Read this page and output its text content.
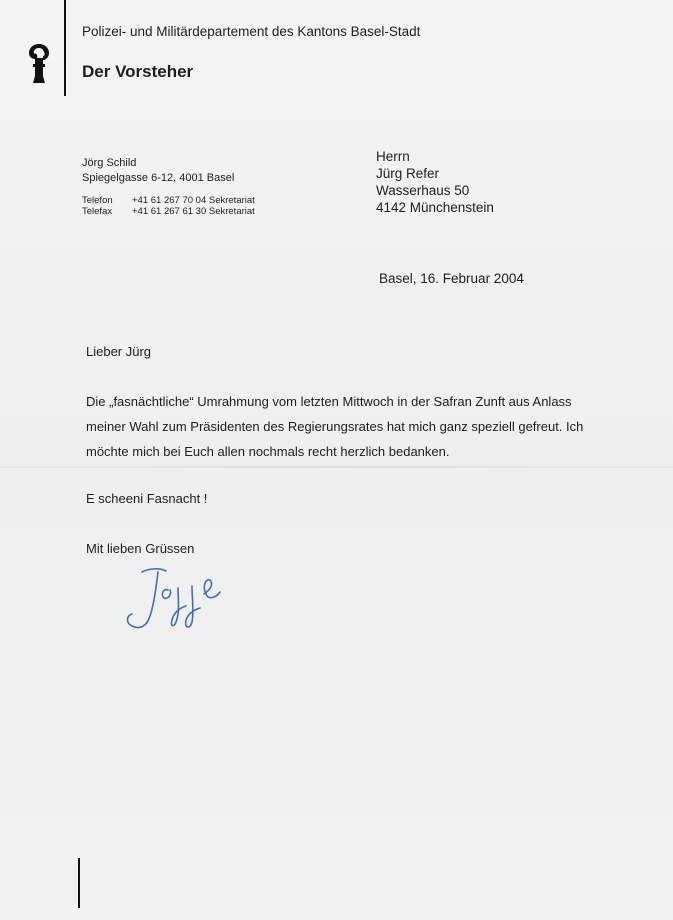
Polizei- und Militärdepartement des Kantons Basel-Stadt
Der Vorsteher
Jörg Schild
Spiegelgasse 6-12, 4001 Basel
Telefon +41 61 267 70 04 Sekretariat
Telefax +41 61 267 61 30 Sekretariat
Herrn
Jürg Refer
Wasserhaus 50
4142 Münchenstein
Basel, 16. Februar 2004
Lieber Jürg
Die „fasnächtliche“ Umrahmung vom letzten Mittwoch in der Safran Zunft aus Anlass
meiner Wahl zum Präsidenten des Regierungsrates hat mich ganz speziell gefreut. Ich
möchte mich bei Euch allen nochmals recht herzlich bedanken.
E scheeni Fasnacht !
Mit lieben Grüssen
